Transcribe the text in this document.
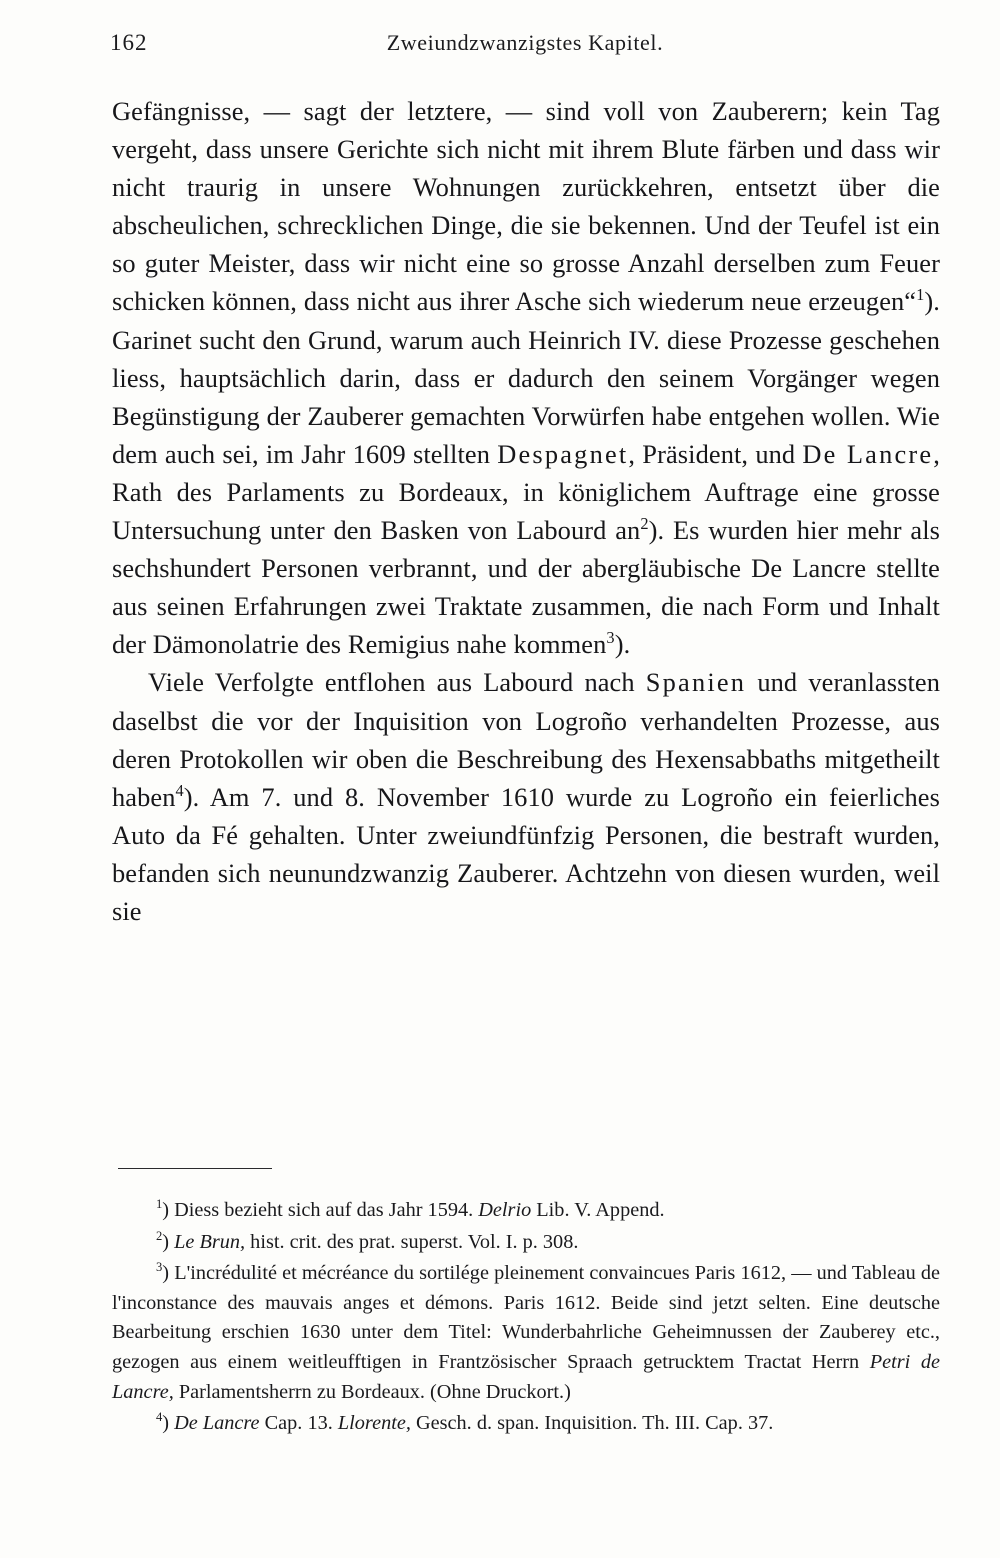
162	Zweiundzwanzigstes Kapitel.

Gefängnisse, — sagt der letztere, — sind voll von Zauberern; kein Tag vergeht, dass unsere Gerichte sich nicht mit ihrem Blute färben und dass wir nicht traurig in unsere Wohnungen zurückkehren, entsetzt über die abscheulichen, schrecklichen Dinge, die sie bekennen. Und der Teufel ist ein so guter Meister, dass wir nicht eine so grosse Anzahl derselben zum Feuer schicken können, dass nicht aus ihrer Asche sich wiederum neue erzeugen“$^1$). Garinet sucht den Grund, warum auch Heinrich IV. diese Prozesse geschehen liess, hauptsächlich darin, dass er dadurch den seinem Vorgänger wegen Begünstigung der Zauberer gemachten Vorwürfen habe entgehen wollen. Wie dem auch sei, im Jahr 1609 stellten Despagnet, Präsident, und De Lancre, Rath des Parlaments zu Bordeaux, in königlichem Auftrage eine grosse Untersuchung unter den Basken von Labourd $an^2$). Es wurden hier mehr als sechshundert Personen verbrannt, und der abergläubische De Lancre stellte aus seinen Erfahrungen zwei Traktate zusammen, die nach Form und Inhalt der Dämonolatrie des Remigius nahe kommen$^3$).

Viele Verfolgte entflohen aus Labourd nach Spanien und veranlassten daselbst die vor der Inquisition von Logroño verhandelten Prozesse, aus deren Protokollen wir oben die Beschreibung des Hexensabbaths mitgetheilt haben$^4$). Am 7. und 8. November 1610 wurde zu Logroño ein feierliches Auto da Fé gehalten. Unter zweiundfünfzig Personen, die bestraft wurden, befanden sich neunundzwanzig Zauberer. Achtzehn von diesen wurden, weil sie

$^1$) Diess bezieht sich auf das Jahr 1594. Delrio Lib. V. Append.

$^2$) Le Brun, hist. crit. des prat. superst. Vol. I. p. 308.

$^3$) L'incrédulité et mécréance du sortilége pleinement convaincues Paris 1612, — und Tableau de l'inconstance des mauvais anges et démons. Paris 1612. Beide sind jetzt selten. Eine deutsche Bearbeitung erschien 1630 unter dem Titel: Wunderbahrliche Geheimnussen der Zauberey etc., gezogen aus einem weitleufftigen in Frantzösischer Spraach getrucktem Tractat Herrn Petri de Lancre, Parlamentsherrn zu Bordeaux. (Ohne Druckort.)

$^4$) De Lancre Cap. 13. Llorente, Gesch. d. span. Inquisition. Th. III. Cap. 37.
